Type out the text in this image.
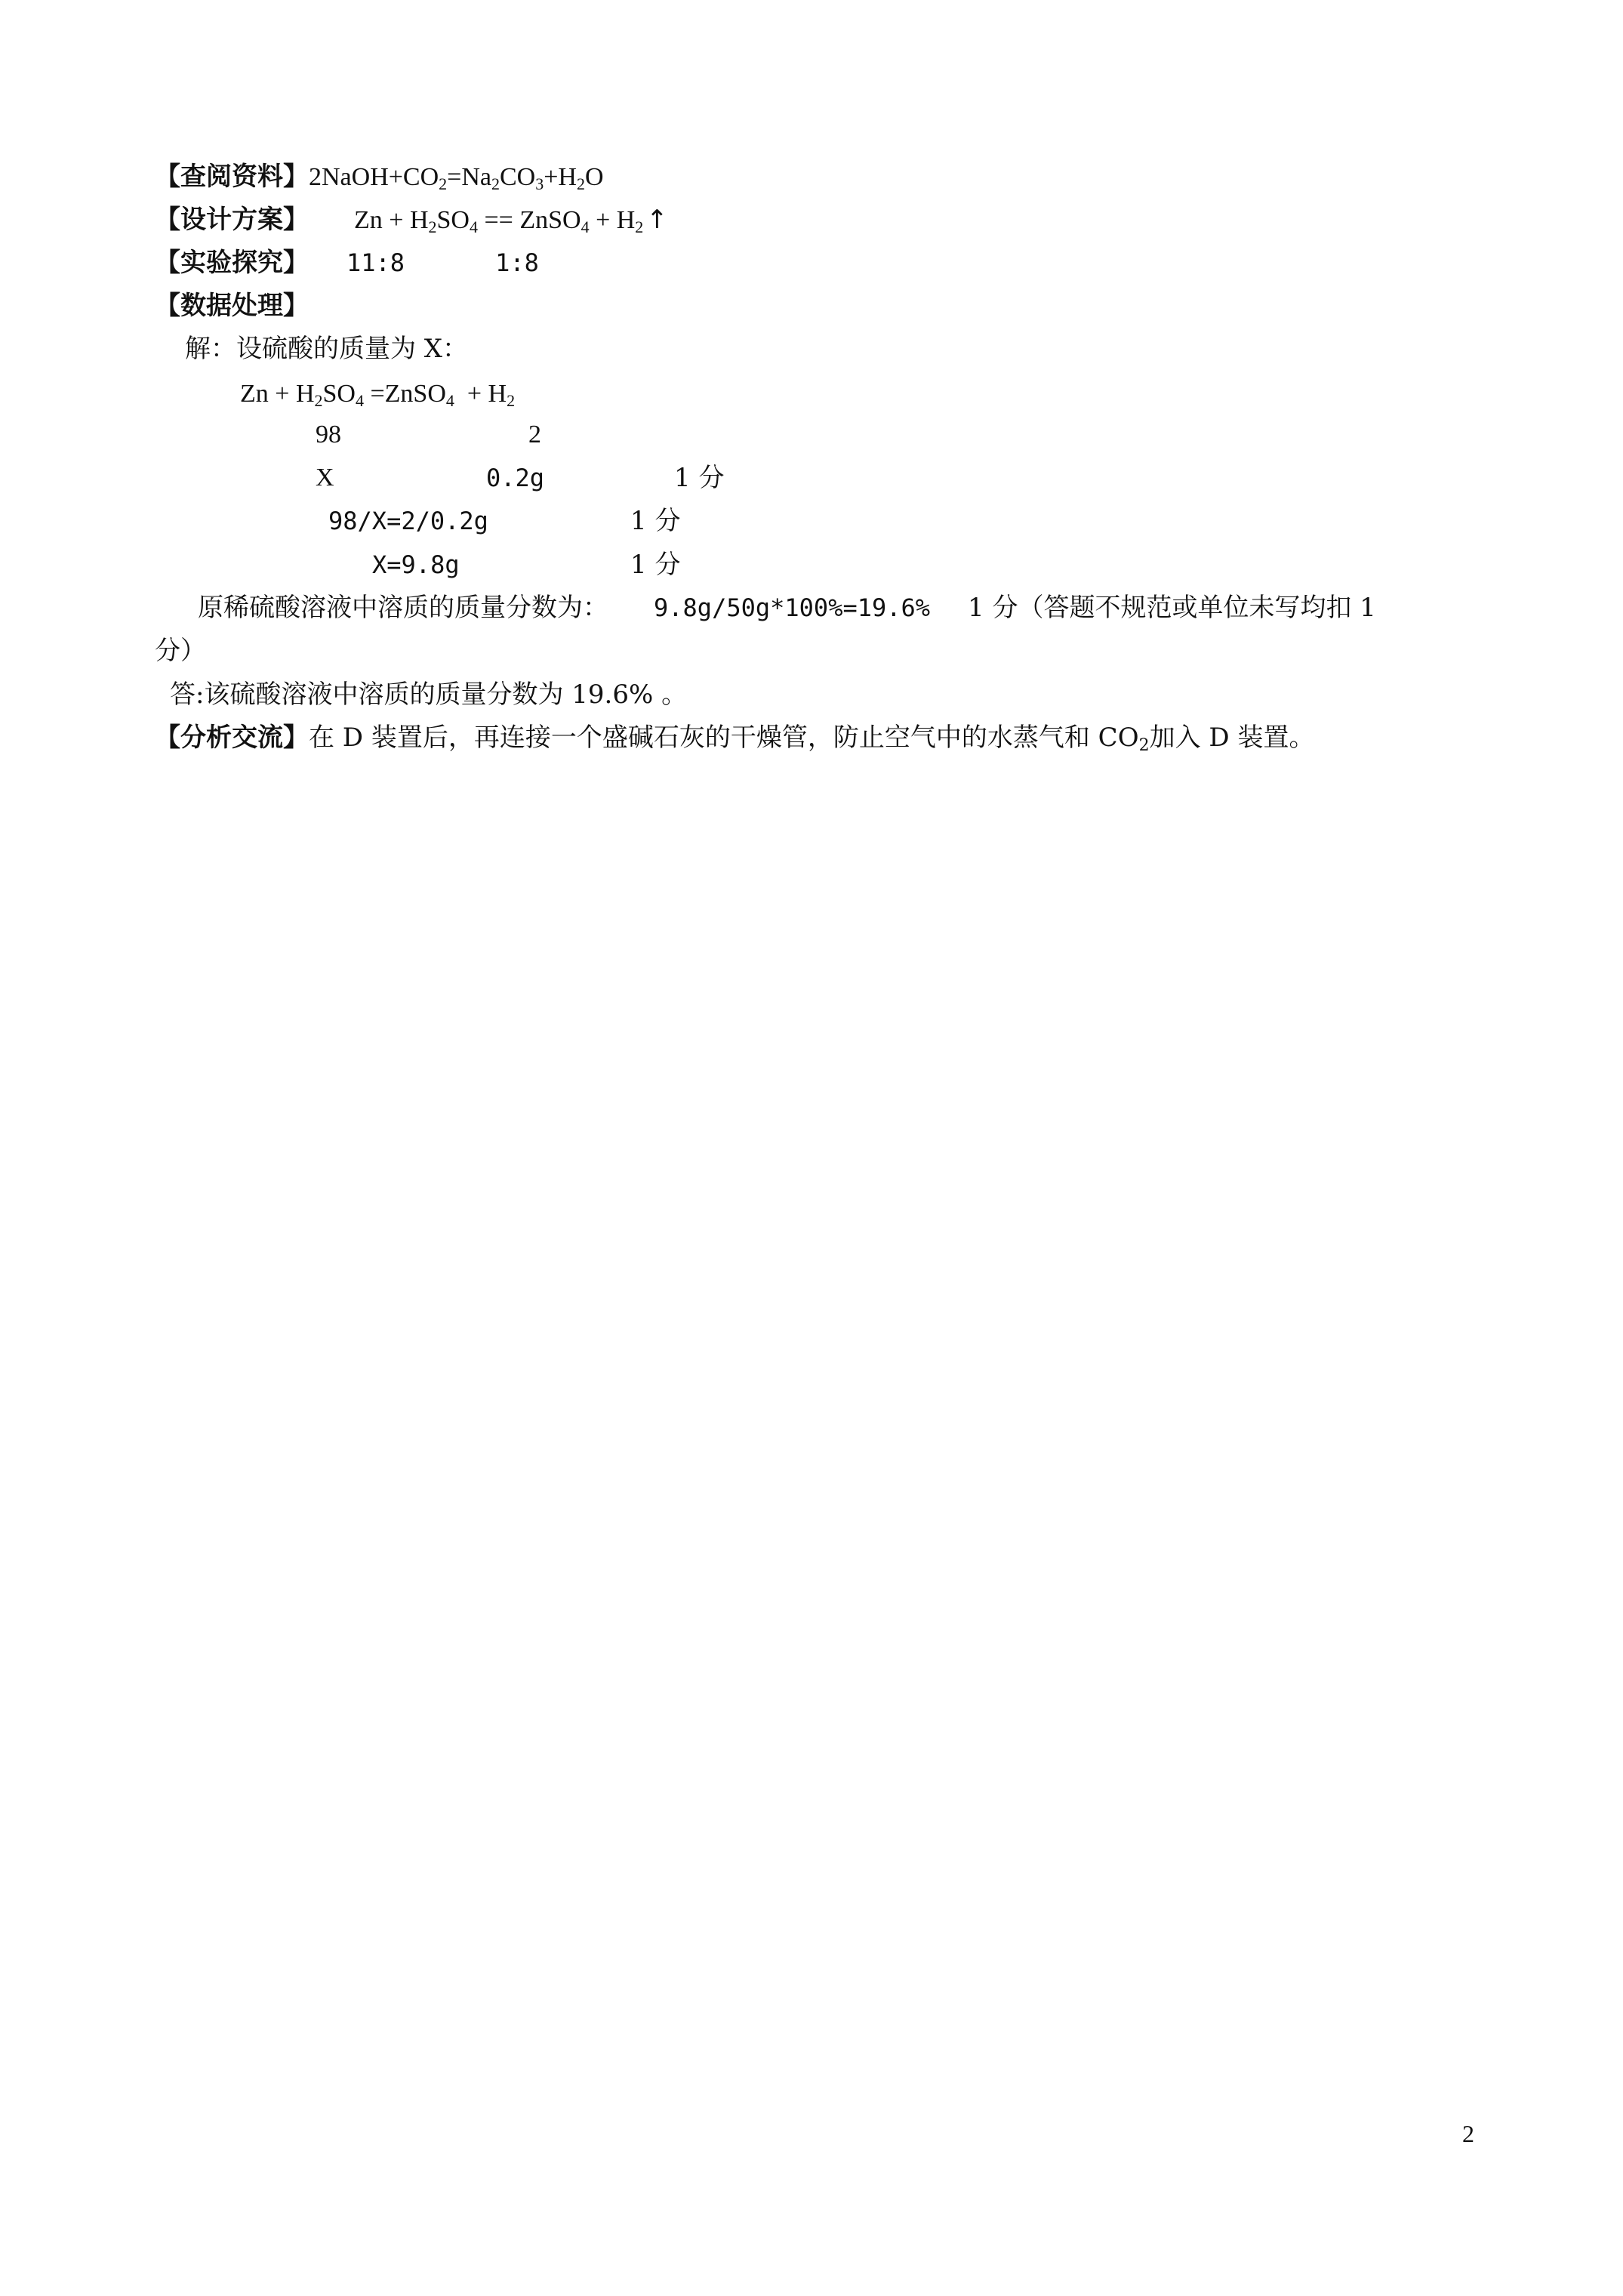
【查阅资料】$2NaOH+CO_2=Na_2CO_3+H_2O$
【设计方案】 $Zn + H_2SO_4$ == ZnSO$_4$ + $H_2$ ↑
【实验探究】 11:8	1:8
【数据处理】
解：设硫酸的质量为 X：
$Zn + H_2SO_4$ =ZnSO$_4$  + $H_2$
98	2
X	0.2g	1 分
98/X=2/0.2g	1 分
X=9.8g	1 分
原稀硫酸溶液中溶质的质量分数为： 9.8g/50g*100%=19.6% 1 分（答题不规范或单位未写均扣 1
分）
答:该硫酸溶液中溶质的质量分数为 19.6% 。
【分析交流】在 D 装置后，再连接一个盛碱石灰的干燥管，防止空气中的水蒸气和 $CO_2$加入 D 装置。
2
